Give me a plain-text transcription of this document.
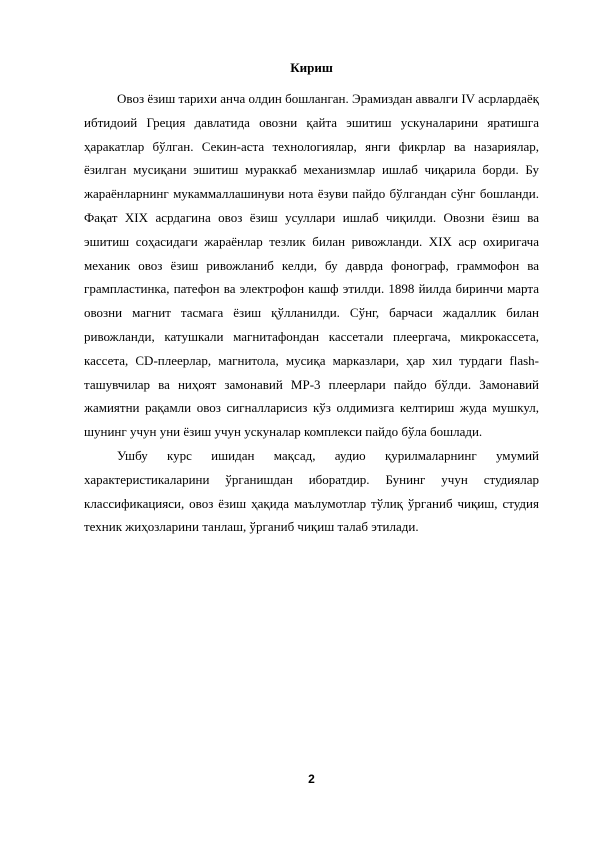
Кириш

Овоз ёзиш тарихи анча олдин бошланган. Эрамиздан аввалги IV асрлардаёқ ибтидоий Греция давлатида овозни қайта эшитиш ускуналарини яратишга ҳаракатлар бўлган. Секин-аста технологиялар, янги фикрлар ва назариялар, ёзилган мусиқани эшитиш мураккаб механизмлар ишлаб чиқарила борди. Бу жараёнларнинг мукаммаллашинуви нота ёзуви пайдо бўлгандан сўнг бошланди. Фақат XIX асрдагина овоз ёзиш усуллари ишлаб чиқилди. Овозни ёзиш ва эшитиш соҳасидаги жараёнлар тезлик билан ривожланди. XIX аср охиригача механик овоз ёзиш ривожланиб келди, бу даврда фонограф, граммофон ва грампластинка, патефон ва электрофон кашф этилди. 1898 йилда биринчи марта овозни магнит тасмага ёзиш қўлланилди. Сўнг, барчаси жадаллик билан ривожланди, катушкали магнитафондан кассетали плеергача, микрокассета, кассета, CD-плеерлар, магнитола, мусиқа марказлари, ҳар хил турдаги flash- ташувчилар ва ниҳоят замонавий MP-3 плеерлари пайдо бўлди. Замонавий жамиятни рақамли овоз сигналларисиз кўз олдимизга келтириш жуда мушкул, шунинг учун уни ёзиш учун ускуналар комплекси пайдо бўла бошлади.

Ушбу курс ишидан мақсад, аудио қурилмаларнинг умумий характеристикаларини ўрганишдан иборатдир. Бунинг учун студиялар классификацияси, овоз ёзиш ҳақида маълумотлар тўлиқ ўрганиб чиқиш, студия техник жиҳозларини танлаш, ўрганиб чиқиш талаб этилади.

2
